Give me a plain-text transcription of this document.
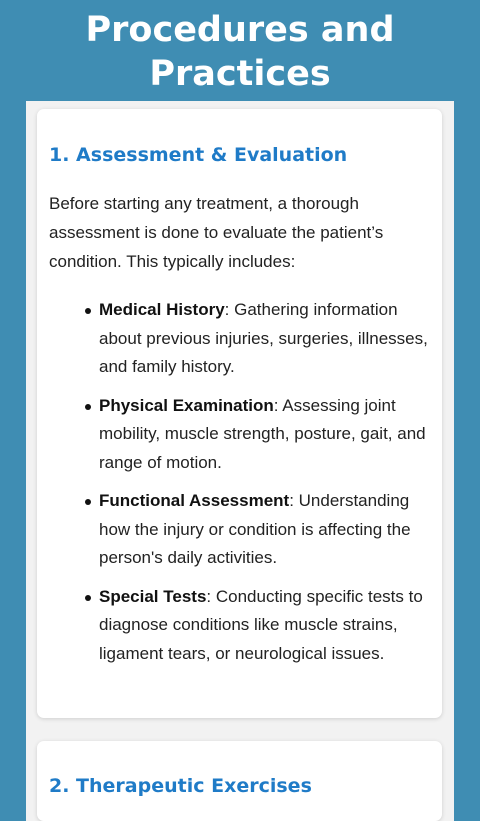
Procedures and
Practices
1. Assessment & Evaluation

Before starting any treatment, a thorough assessment is done to evaluate the patient’s condition. This typically includes:

Medical History: Gathering information about previous injuries, surgeries, illnesses, and family history.
Physical Examination: Assessing joint mobility, muscle strength, posture, gait, and range of motion.
Functional Assessment: Understanding how the injury or condition is affecting the person's daily activities.
Special Tests: Conducting specific tests to diagnose conditions like muscle strains, ligament tears, or neurological issues.
2. Therapeutic Exercises
